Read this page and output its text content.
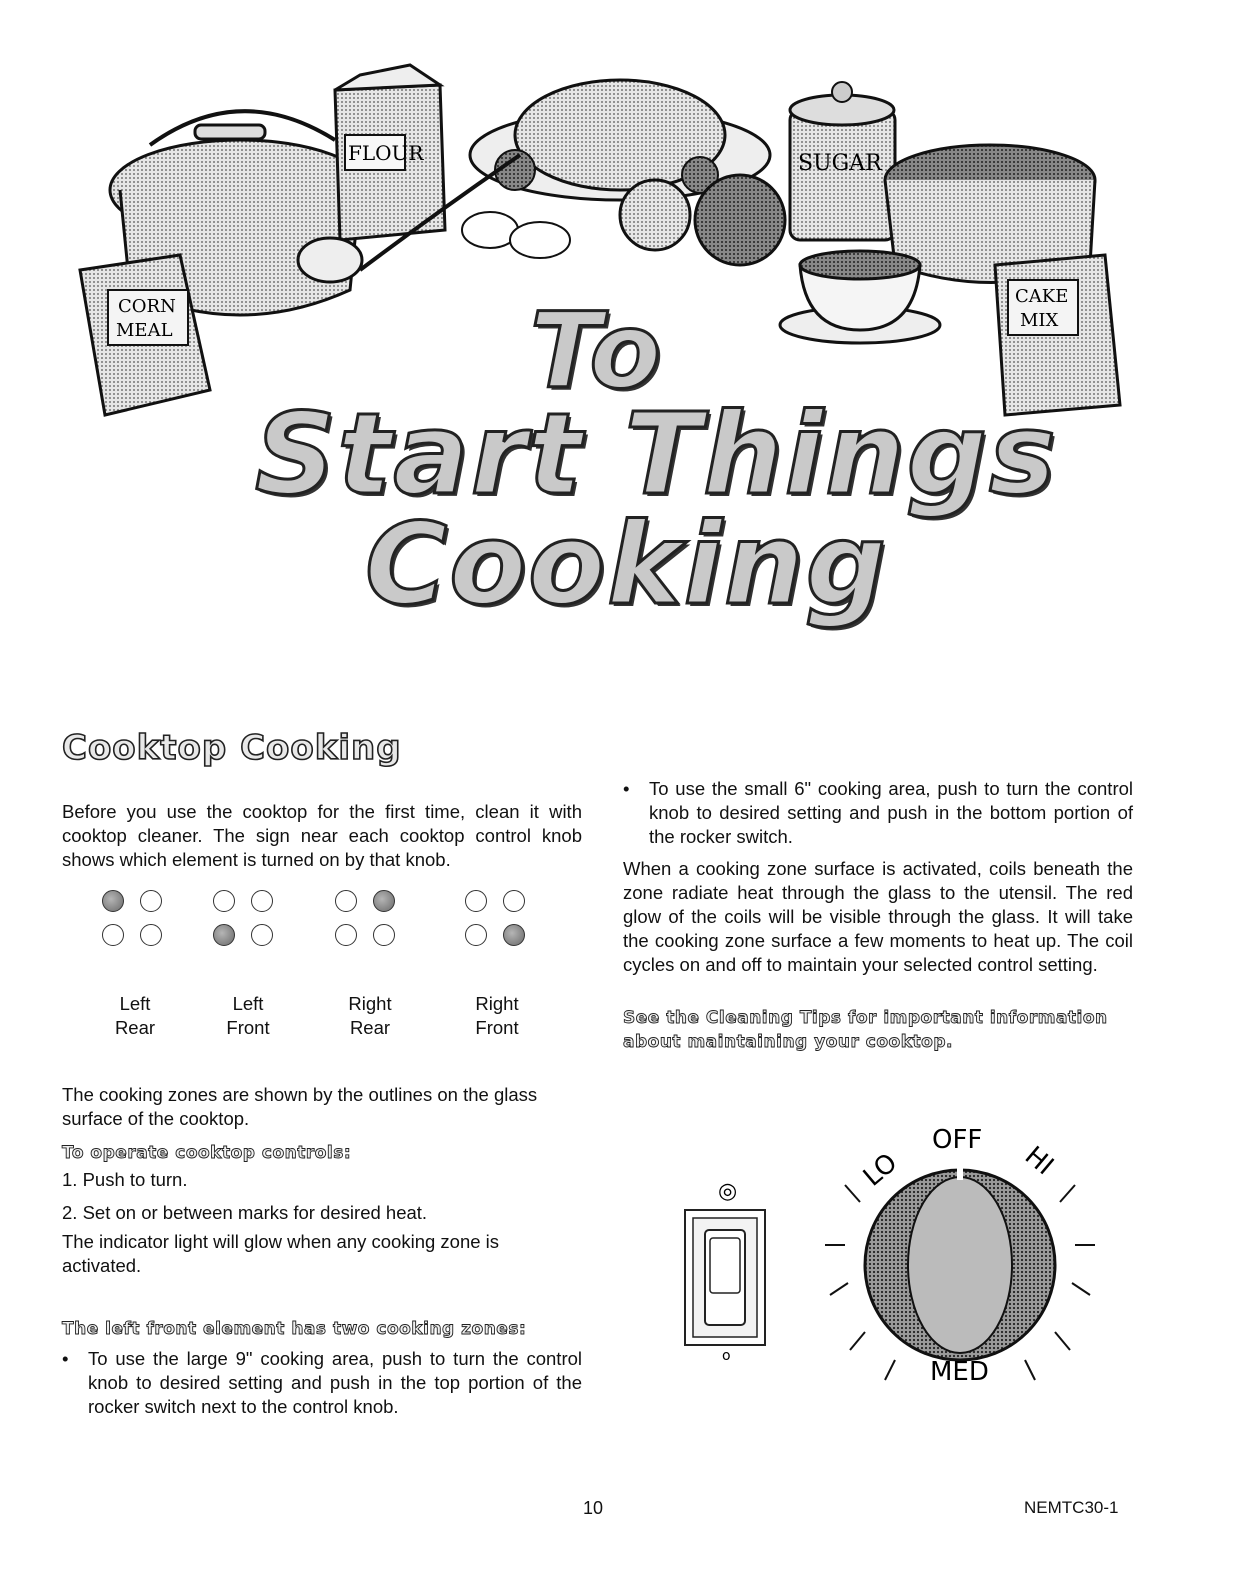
CORN
MEAL
FLOUR	SUGAR
CAKE
MIX
To
Start Things
Cooking
Cooktop Cooking
Before you use the cooktop for the first time, clean it with cooktop cleaner. The sign near each cooktop control knob shows which element is turned on by that knob.
Left
Rear
Left
Front
Right
Rear
Right
Front
The cooking zones are shown by the outlines on the glass surface of the cooktop.
To operate cooktop controls:
1. Push to turn.
2. Set on or between marks for desired heat.
The indicator light will glow when any cooking zone is activated.
The left front element has two cooking zones:
• To use the large 9" cooking area, push to turn the control knob to desired setting and push in the top portion of the rocker switch next to the control knob.
• To use the small 6" cooking area, push to turn the control knob to desired setting and push in the bottom portion of the rocker switch.
When a cooking zone surface is activated, coils beneath the zone radiate heat through the glass to the utensil. The red glow of the coils will be visible through the glass. It will take the cooking zone surface a few moments to heat up. The coil cycles on and off to maintain your selected control setting.
See the Cleaning Tips for important information about maintaining your cooktop.
◎
o
OFF
LO	HI
MED
10	NEMTC30-1
